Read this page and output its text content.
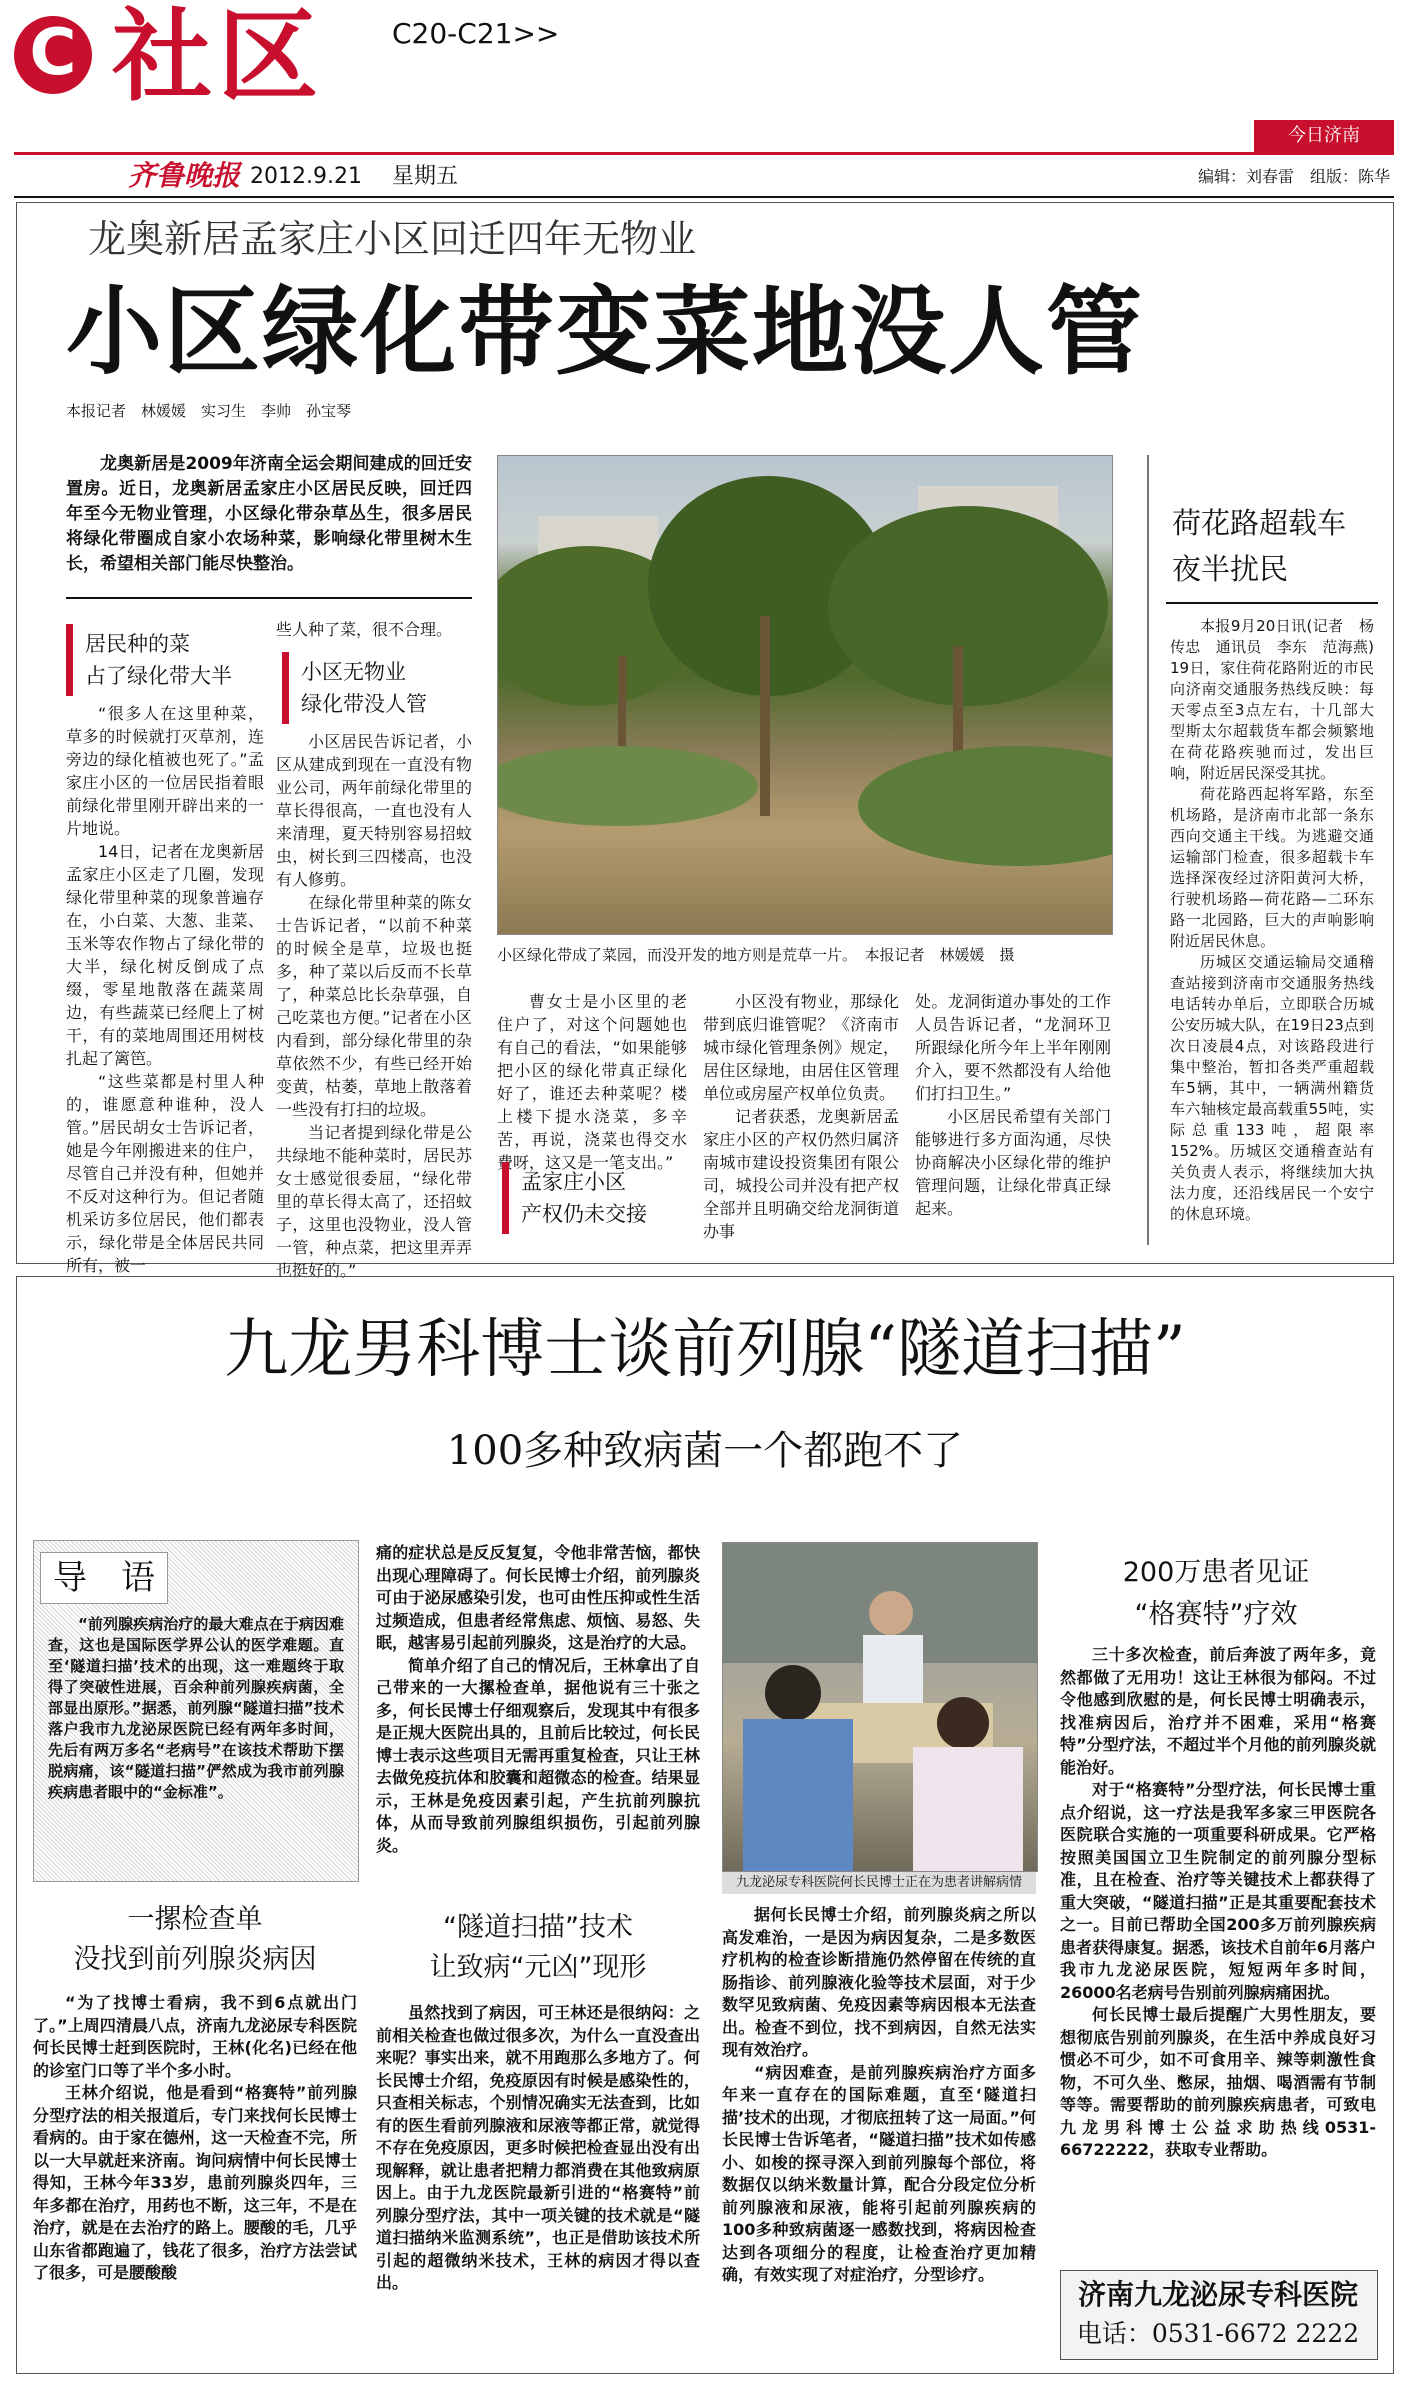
C 社区 C20-C21>>
今日济南
齐鲁晚报 2012.9.21 星期五	编辑：刘春雷　组版：陈华
龙奥新居孟家庄小区回迁四年无物业
小区绿化带变菜地没人管
本报记者　林媛媛　实习生　李帅　孙宝琴

龙奥新居是2009年济南全运会期间建成的回迁安置房。近日，龙奥新居孟家庄小区居民反映，回迁四年至今无物业管理，小区绿化带杂草丛生，很多居民将绿化带圈成自家小农场种菜，影响绿化带里树木生长，希望相关部门能尽快整治。

小区绿化带成了菜园，而没开发的地方则是荒草一片。　本报记者　林媛媛　摄
居民种的菜
占了绿化带大半

“很多人在这里种菜，草多的时候就打灭草剂，连旁边的绿化植被也死了。”孟家庄小区的一位居民指着眼前绿化带里刚开辟出来的一片地说。

14日，记者在龙奥新居孟家庄小区走了几圈，发现绿化带里种菜的现象普遍存在，小白菜、大葱、韭菜、玉米等农作物占了绿化带的大半，绿化树反倒成了点缀，零星地散落在蔬菜周边，有些蔬菜已经爬上了树干，有的菜地周围还用树枝扎起了篱笆。

“这些菜都是村里人种的，谁愿意种谁种，没人管。”居民胡女士告诉记者，她是今年刚搬进来的住户，尽管自己并没有种，但她并不反对这种行为。但记者随机采访多位居民，他们都表示，绿化带是全体居民共同所有，被一

些人种了菜，很不合理。

小区无物业
绿化带没人管

小区居民告诉记者，小区从建成到现在一直没有物业公司，两年前绿化带里的草长得很高，一直也没有人来清理，夏天特别容易招蚊虫，树长到三四楼高，也没有人修剪。

在绿化带里种菜的陈女士告诉记者，“以前不种菜的时候全是草，垃圾也挺多，种了菜以后反而不长草了，种菜总比长杂草强，自己吃菜也方便。”记者在小区内看到，部分绿化带里的杂草依然不少，有些已经开始变黄，枯萎，草地上散落着一些没有打扫的垃圾。

当记者提到绿化带是公共绿地不能种菜时，居民苏女士感觉很委屈，“绿化带里的草长得太高了，还招蚊子，这里也没物业，没人管一管，种点菜，把这里弄弄也挺好的。”

曹女士是小区里的老住户了，对这个问题她也有自己的看法，“如果能够把小区的绿化带真正绿化好了，谁还去种菜呢？楼上楼下提水浇菜，多辛苦，再说，浇菜也得交水费呀，这又是一笔支出。”

孟家庄小区
产权仍未交接

小区没有物业，那绿化带到底归谁管呢？《济南市城市绿化管理条例》规定，居住区绿地，由居住区管理单位或房屋产权单位负责。

记者获悉，龙奥新居孟家庄小区的产权仍然归属济南城市建设投资集团有限公司，城投公司并没有把产权全部并且明确交给龙洞街道办事

处。龙洞街道办事处的工作人员告诉记者，“龙洞环卫所跟绿化所今年上半年刚刚介入，要不然都没有人给他们打扫卫生。”

小区居民希望有关部门能够进行多方面沟通，尽快协商解决小区绿化带的维护管理问题，让绿化带真正绿起来。

荷花路超载车
夜半扰民

本报9月20日讯(记者　杨传忠　通讯员　李东　范海燕)　19日，家住荷花路附近的市民向济南交通服务热线反映：每天零点至3点左右，十几部大型斯太尔超载货车都会频繁地在荷花路疾驰而过，发出巨响，附近居民深受其扰。

荷花路西起将军路，东至机场路，是济南市北部一条东西向交通主干线。为逃避交通运输部门检查，很多超载卡车选择深夜经过济阳黄河大桥，行驶机场路—荷花路—二环东路一北园路，巨大的声响影响附近居民休息。

历城区交通运输局交通稽查站接到济南市交通服务热线电话转办单后，立即联合历城公安历城大队，在19日23点到次日凌晨4点，对该路段进行集中整治，暂扣各类严重超载车5辆，其中，一辆满州籍货车六轴核定最高载重55吨，实际总重133吨，超限率152%。历城区交通稽查站有关负责人表示，将继续加大执法力度，还沿线居民一个安宁的休息环境。

九龙男科博士谈前列腺“隧道扫描”
100多种致病菌一个都跑不了
导　语

“前列腺疾病治疗的最大难点在于病因难查，这也是国际医学界公认的医学难题。直至‘隧道扫描’技术的出现，这一难题终于取得了突破性进展，百余种前列腺疾病菌，全部显出原形。”据悉，前列腺“隧道扫描”技术落户我市九龙泌尿医院已经有两年多时间，先后有两万多名“老病号”在该技术帮助下摆脱病痛，该“隧道扫描”俨然成为我市前列腺疾病患者眼中的“金标准”。

一摞检查单
没找到前列腺炎病因

“为了找博士看病，我不到6点就出门了。”上周四清晨八点，济南九龙泌尿专科医院何长民博士赶到医院时，王林(化名)已经在他的诊室门口等了半个多小时。

王林介绍说，他是看到“格赛特”前列腺分型疗法的相关报道后，专门来找何长民博士看病的。由于家在德州，这一天检查不完，所以一大早就赶来济南。询问病情中何长民博士得知，王林今年33岁，患前列腺炎四年，三年多都在治疗，用药也不断，这三年，不是在治疗，就是在去治疗的路上。腰酸的毛，几乎山东省都跑遍了，钱花了很多，治疗方法尝试了很多，可是腰酸酸

痛的症状总是反反复复，令他非常苦恼，都快出现心理障碍了。何长民博士介绍，前列腺炎可由于泌尿感染引发，也可由性压抑或性生活过频造成，但患者经常焦虑、烦恼、易怒、失眠，越害易引起前列腺炎，这是治疗的大忌。

简单介绍了自己的情况后，王林拿出了自己带来的一大摞检查单，据他说有三十张之多，何长民博士仔细观察后，发现其中有很多是正规大医院出具的，且前后比较过，何长民博士表示这些项目无需再重复检查，只让王林去做免疫抗体和胶囊和超微态的检查。结果显示，王林是免疫因素引起，产生抗前列腺抗体，从而导致前列腺组织损伤，引起前列腺炎。

“隧道扫描”技术
让致病“元凶”现形

虽然找到了病因，可王林还是很纳闷：之前相关检查也做过很多次，为什么一直没查出来呢？事实出来，就不用跑那么多地方了。何长民博士介绍，免疫原因有时候是感染性的，只查相关标志，个别情况确实无法查到，比如有的医生看前列腺液和尿液等都正常，就觉得不存在免疫原因，更多时候把检查显出没有出现解释，就让患者把精力都消费在其他致病原因上。由于九龙医院最新引进的“格赛特”前列腺分型疗法，其中一项关键的技术就是“隧道扫描纳米监测系统”，也正是借助该技术所引起的超微纳米技术，王林的病因才得以查出。

九龙泌尿专科医院何长民博士正在为患者讲解病情

据何长民博士介绍，前列腺炎病之所以高发难治，一是因为病因复杂，二是多数医疗机构的检查诊断措施仍然停留在传统的直肠指诊、前列腺液化验等技术层面，对于少数罕见致病菌、免疫因素等病因根本无法查出。检查不到位，找不到病因，自然无法实现有效治疗。

“病因难查，是前列腺疾病治疗方面多年来一直存在的国际难题，直至‘隧道扫描’技术的出现，才彻底扭转了这一局面。”何长民博士告诉笔者，“隧道扫描”技术如传感小、如梭的探寻深入到前列腺每个部位，将数据仅以纳米数量计算，配合分段定位分析前列腺液和尿液，能将引起前列腺疾病的100多种致病菌逐一感数找到，将病因检查达到各项细分的程度，让检查治疗更加精确，有效实现了对症治疗，分型诊疗。

200万患者见证
“格赛特”疗效

三十多次检查，前后奔波了两年多，竟然都做了无用功！这让王林很为郁闷。不过令他感到欣慰的是，何长民博士明确表示，找准病因后，治疗并不困难，采用“格赛特”分型疗法，不超过半个月他的前列腺炎就能治好。

对于“格赛特”分型疗法，何长民博士重点介绍说，这一疗法是我军多家三甲医院各医院联合实施的一项重要科研成果。它严格按照美国国立卫生院制定的前列腺分型标准，且在检查、治疗等关键技术上都获得了重大突破，“隧道扫描”正是其重要配套技术之一。目前已帮助全国200多万前列腺疾病患者获得康复。据悉，该技术自前年6月落户我市九龙泌尿医院，短短两年多时间，26000名老病号告别前列腺病痛困扰。

何长民博士最后提醒广大男性朋友，要想彻底告别前列腺炎，在生活中养成良好习惯必不可少，如不可食用辛、辣等刺激性食物，不可久坐、憋尿，抽烟、喝酒需有节制等等。需要帮助的前列腺疾病患者，可致电九龙男科博士公益求助热线0531-66722222，获取专业帮助。

济南九龙泌尿专科医院
电话：0531-6672 2222
